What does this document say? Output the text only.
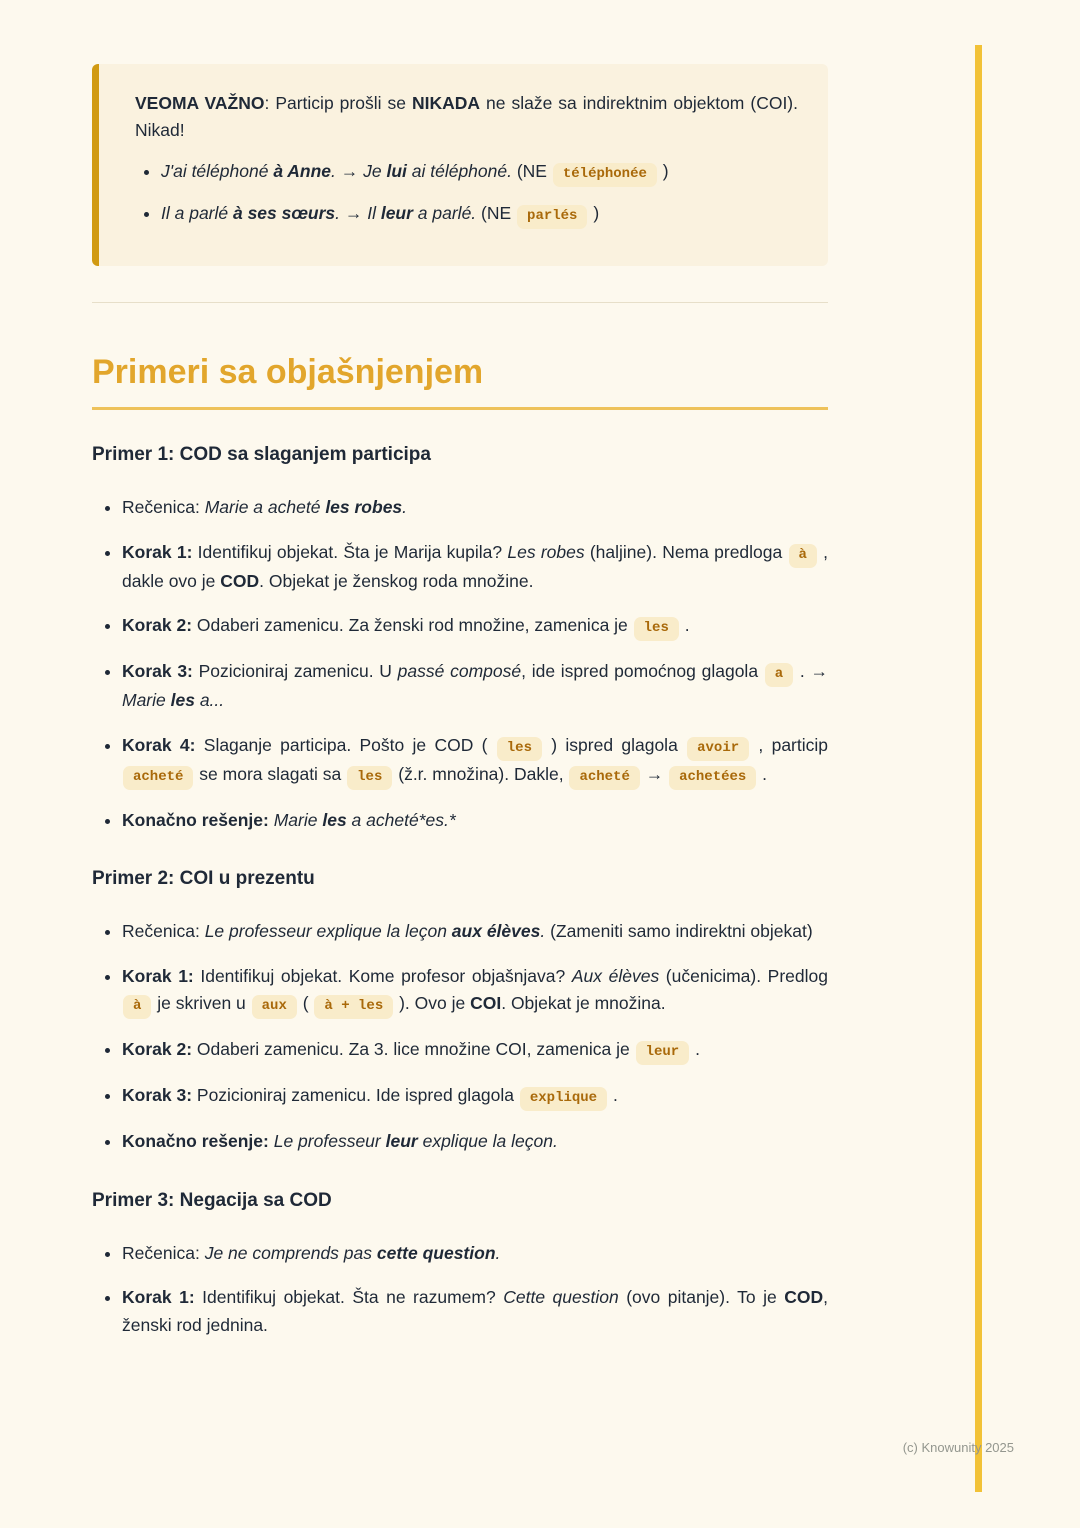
VEOMA VAŽNO: Particip prošli se NIKADA ne slaže sa indirektnim objektom (COI). Nikad!

• J'ai téléphoné à Anne. → Je lui ai téléphoné. (NE téléphonée )
• Il a parlé à ses sœurs. → Il leur a parlé. (NE parlés )
Primeri sa objašnjenjem
Primer 1: COD sa slaganjem participa
• Rečenica: Marie a acheté les robes.
• Korak 1: Identifikuj objekat. Šta je Marija kupila? Les robes (haljine). Nema predloga à , dakle ovo je COD. Objekat je ženskog roda množine.
• Korak 2: Odaberi zamenicu. Za ženski rod množine, zamenica je les .
• Korak 3: Pozicioniraj zamenicu. U passé composé, ide ispred pomoćnog glagola a . → Marie les a...
• Korak 4: Slaganje participa. Pošto je COD ( les ) ispred glagola avoir , particip acheté se mora slagati sa les (ž.r. množina). Dakle, acheté → achetées .
• Konačno rešenje: Marie les a acheté*es.*
Primer 2: COI u prezentu
• Rečenica: Le professeur explique la leçon aux élèves. (Zameniti samo indirektni objekat)
• Korak 1: Identifikuj objekat. Kome profesor objašnjava? Aux élèves (učenicima). Predlog à je skriven u aux ( à + les ). Ovo je COI. Objekat je množina.
• Korak 2: Odaberi zamenicu. Za 3. lice množine COI, zamenica je leur .
• Korak 3: Pozicioniraj zamenicu. Ide ispred glagola explique .
• Konačno rešenje: Le professeur leur explique la leçon.
Primer 3: Negacija sa COD
• Rečenica: Je ne comprends pas cette question.
• Korak 1: Identifikuj objekat. Šta ne razumem? Cette question (ovo pitanje). To je COD, ženski rod jednina.
(c) Knowunity 2025
